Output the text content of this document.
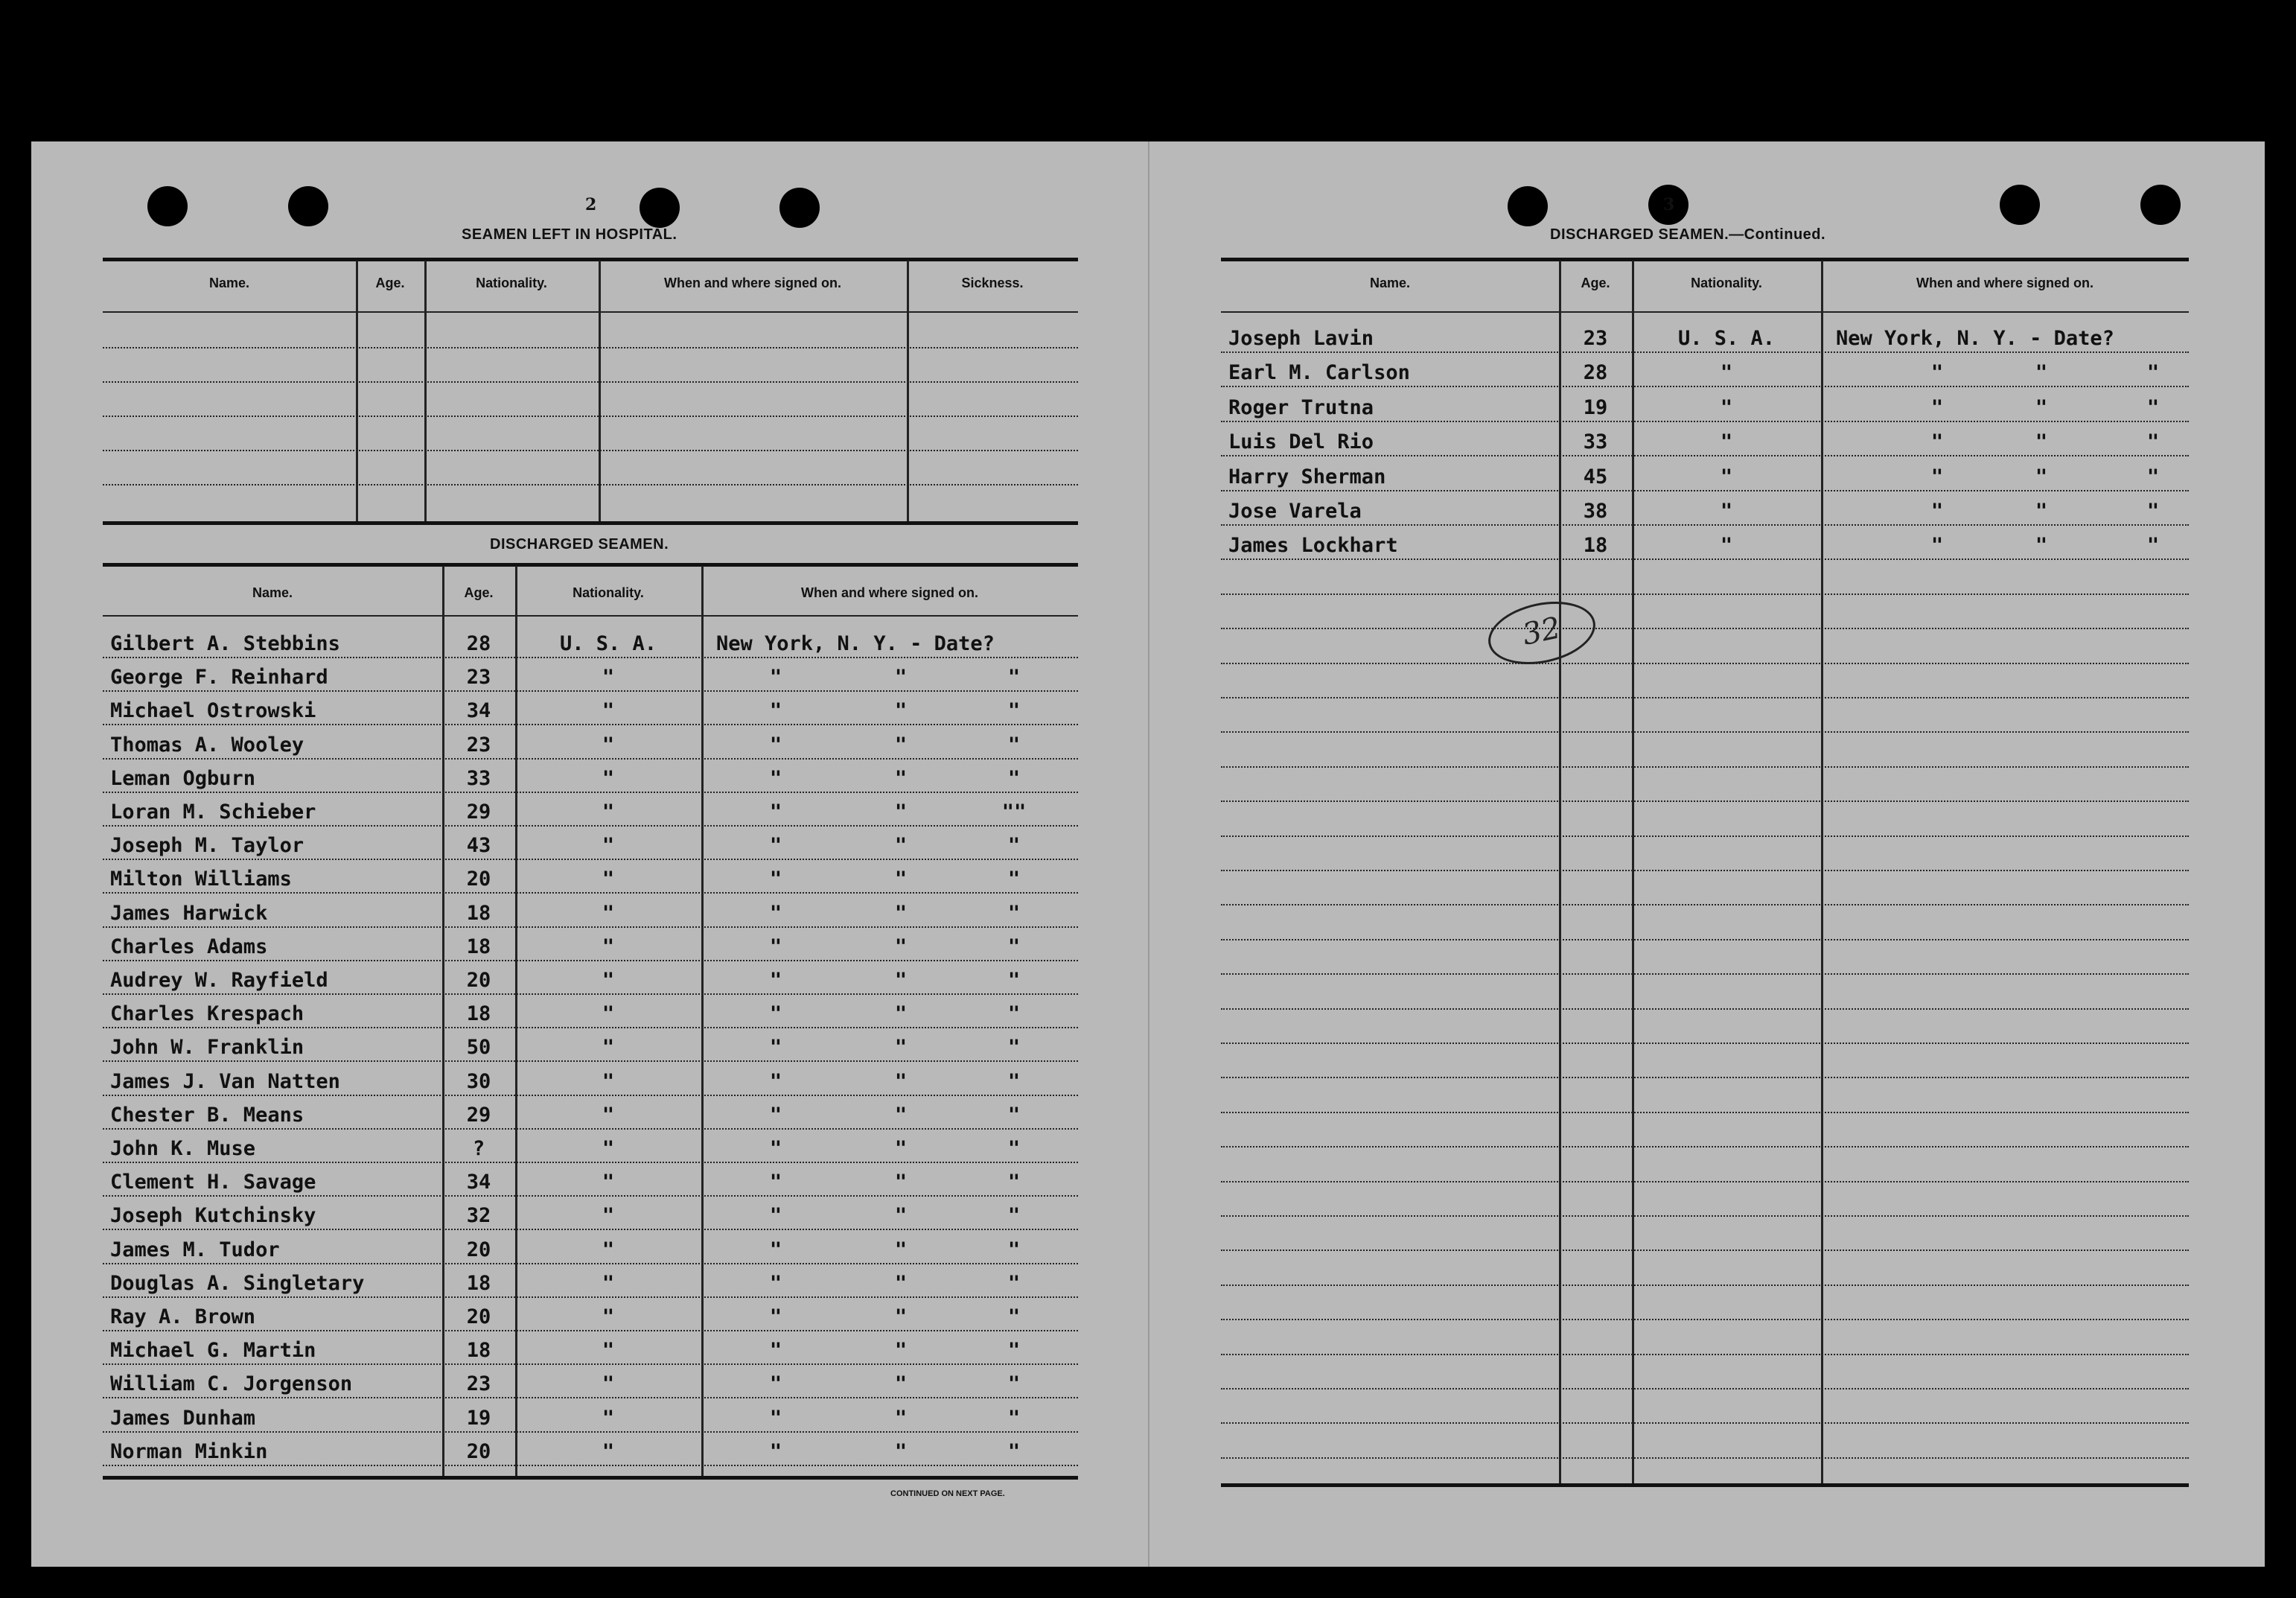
2
SEAMEN LEFT IN HOSPITAL.
Name.	Age.	Nationality.	When and where signed on.	Sickness.
DISCHARGED SEAMEN.
Name.	Age.	Nationality.	When and where signed on.
Gilbert A. Stebbins	28	U. S. A.	New York, N. Y. - Date?
George F. Reinhard	23	"	"	"	"
Michael Ostrowski	34	"	"	"	"
Thomas A. Wooley	23	"	"	"	"
Leman Ogburn	33	"	"	"	"
Loran M. Schieber	29	"	"	"	""
Joseph M. Taylor	43	"	"	"	"
Milton Williams	20	"	"	"	"
James Harwick	18	"	"	"	"
Charles Adams	18	"	"	"	"
Audrey W. Rayfield	20	"	"	"	"
Charles Krespach	18	"	"	"	"
John W. Franklin	50	"	"	"	"
James J. Van Natten	30	"	"	"	"
Chester B. Means	29	"	"	"	"
John K. Muse	?	"	"	"	"
Clement H. Savage	34	"	"	"	"
Joseph Kutchinsky	32	"	"	"	"
James M. Tudor	20	"	"	"	"
Douglas A. Singletary	18	"	"	"	"
Ray A. Brown	20	"	"	"	"
Michael G. Martin	18	"	"	"	"
William C. Jorgenson	23	"	"	"	"
James Dunham	19	"	"	"	"
Norman Minkin	20	"	"	"	"
CONTINUED ON NEXT PAGE.
3
DISCHARGED SEAMEN.—Continued.
Name.	Age.	Nationality.	When and where signed on.
Joseph Lavin	23	U. S. A.	New York, N. Y. - Date?
Earl M. Carlson	28	"	"	"	"
Roger Trutna	19	"	"	"	"
Luis Del Rio	33	"	"	"	"
Harry Sherman	45	"	"	"	"
Jose Varela	38	"	"	"	"
James Lockhart	18	"	"	"	"
32
